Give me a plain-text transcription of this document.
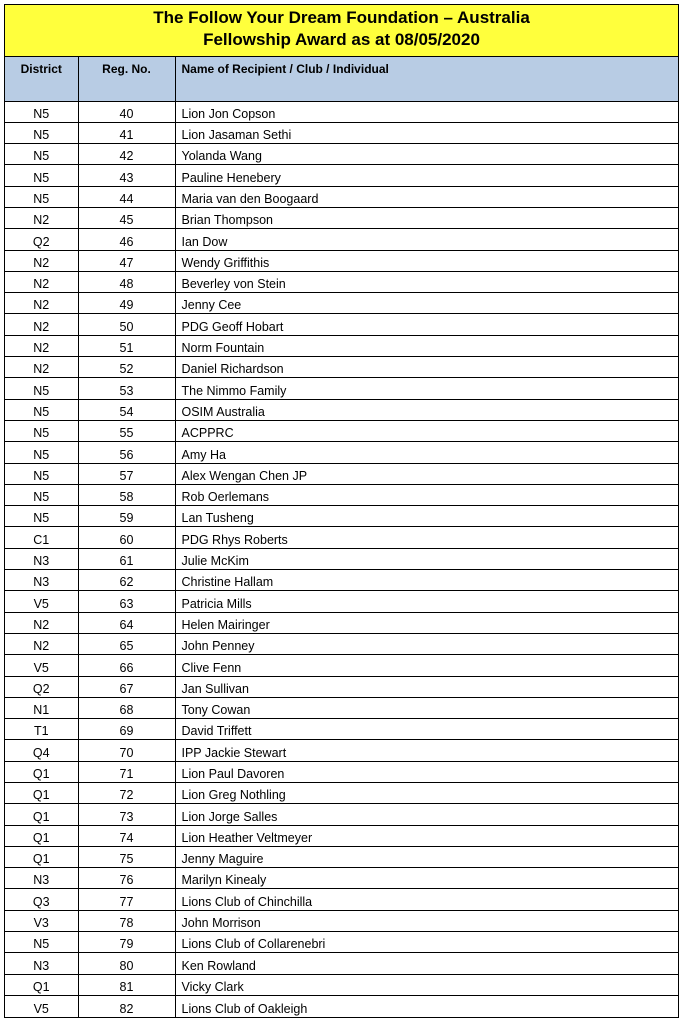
The Follow Your Dream Foundation – Australia
Fellowship Award as at 08/05/2020
District	Reg. No.	Name of Recipient / Club / Individual
N5	40	Lion Jon Copson
N5	41	Lion Jasaman Sethi
N5	42	Yolanda Wang
N5	43	Pauline Henebery
N5	44	Maria van den Boogaard
N2	45	Brian Thompson
Q2	46	Ian Dow
N2	47	Wendy Griffithis
N2	48	Beverley von Stein
N2	49	Jenny Cee
N2	50	PDG Geoff Hobart
N2	51	Norm Fountain
N2	52	Daniel Richardson
N5	53	The Nimmo Family
N5	54	OSIM Australia
N5	55	ACPPRC
N5	56	Amy Ha
N5	57	Alex Wengan Chen JP
N5	58	Rob Oerlemans
N5	59	Lan Tusheng
C1	60	PDG Rhys Roberts
N3	61	Julie McKim
N3	62	Christine Hallam
V5	63	Patricia Mills
N2	64	Helen Mairinger
N2	65	John Penney
V5	66	Clive Fenn
Q2	67	Jan Sullivan
N1	68	Tony Cowan
T1	69	David Triffett
Q4	70	IPP Jackie Stewart
Q1	71	Lion Paul Davoren
Q1	72	Lion Greg Nothling
Q1	73	Lion Jorge Salles
Q1	74	Lion Heather Veltmeyer
Q1	75	Jenny Maguire
N3	76	Marilyn Kinealy
Q3	77	Lions Club of Chinchilla
V3	78	John Morrison
N5	79	Lions Club of Collarenebri
N3	80	Ken Rowland
Q1	81	Vicky Clark
V5	82	Lions Club of Oakleigh
